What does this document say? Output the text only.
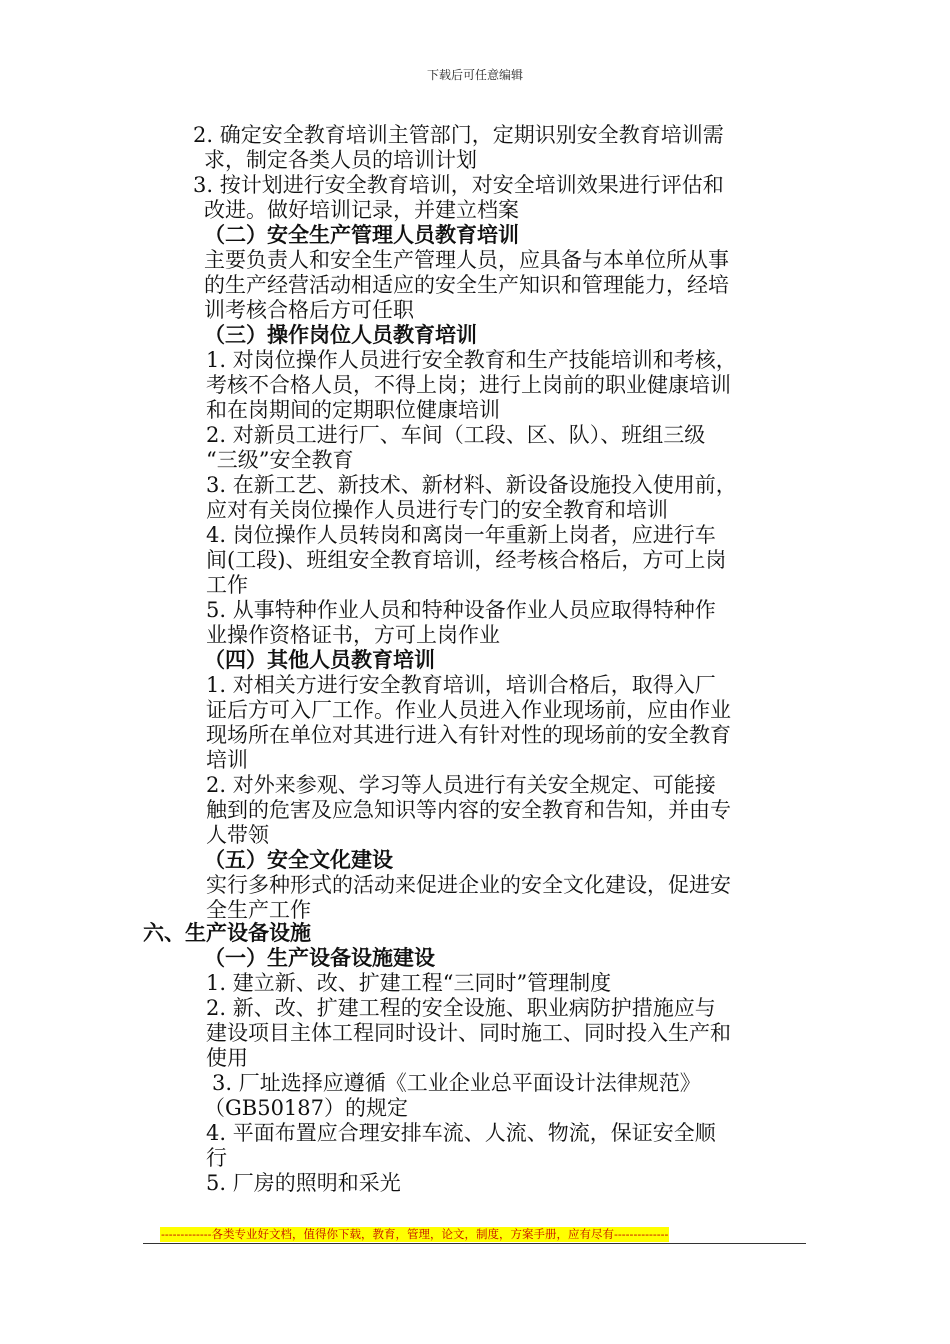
下载后可任意编辑
2. 确定安全教育培训主管部门，定期识别安全教育培训需
求，制定各类人员的培训计划
3. 按计划进行安全教育培训，对安全培训效果进行评估和
改进。做好培训记录，并建立档案
（二）安全生产管理人员教育培训
主要负责人和安全生产管理人员，应具备与本单位所从事
的生产经营活动相适应的安全生产知识和管理能力，经培
训考核合格后方可任职
（三）操作岗位人员教育培训
1. 对岗位操作人员进行安全教育和生产技能培训和考核，
考核不合格人员，不得上岗；进行上岗前的职业健康培训
和在岗期间的定期职位健康培训
2. 对新员工进行厂、车间（工段、区、队）、班组三级
“三级”安全教育
3. 在新工艺、新技术、新材料、新设备设施投入使用前，
应对有关岗位操作人员进行专门的安全教育和培训
4. 岗位操作人员转岗和离岗一年重新上岗者，应进行车
间(工段)、班组安全教育培训，经考核合格后，方可上岗
工作
5. 从事特种作业人员和特种设备作业人员应取得特种作
业操作资格证书，方可上岗作业
（四）其他人员教育培训
1. 对相关方进行安全教育培训，培训合格后，取得入厂
证后方可入厂工作。作业人员进入作业现场前，应由作业
现场所在单位对其进行进入有针对性的现场前的安全教育
培训
2. 对外来参观、学习等人员进行有关安全规定、可能接
触到的危害及应急知识等内容的安全教育和告知，并由专
人带领
（五）安全文化建设
实行多种形式的活动来促进企业的安全文化建设，促进安
全生产工作
六、生产设备设施
（一）生产设备设施建设
1. 建立新、改、扩建工程“三同时”管理制度
2. 新、改、扩建工程的安全设施、职业病防护措施应与
建设项目主体工程同时设计、同时施工、同时投入生产和
使用
3. 厂址选择应遵循《工业企业总平面设计法律规范》
（GB50187）的规定
4. 平面布置应合理安排车流、人流、物流，保证安全顺
行
5. 厂房的照明和采光
-------------各类专业好文档，值得你下载，教育，管理，论文，制度，方案手册，应有尽有--------------
